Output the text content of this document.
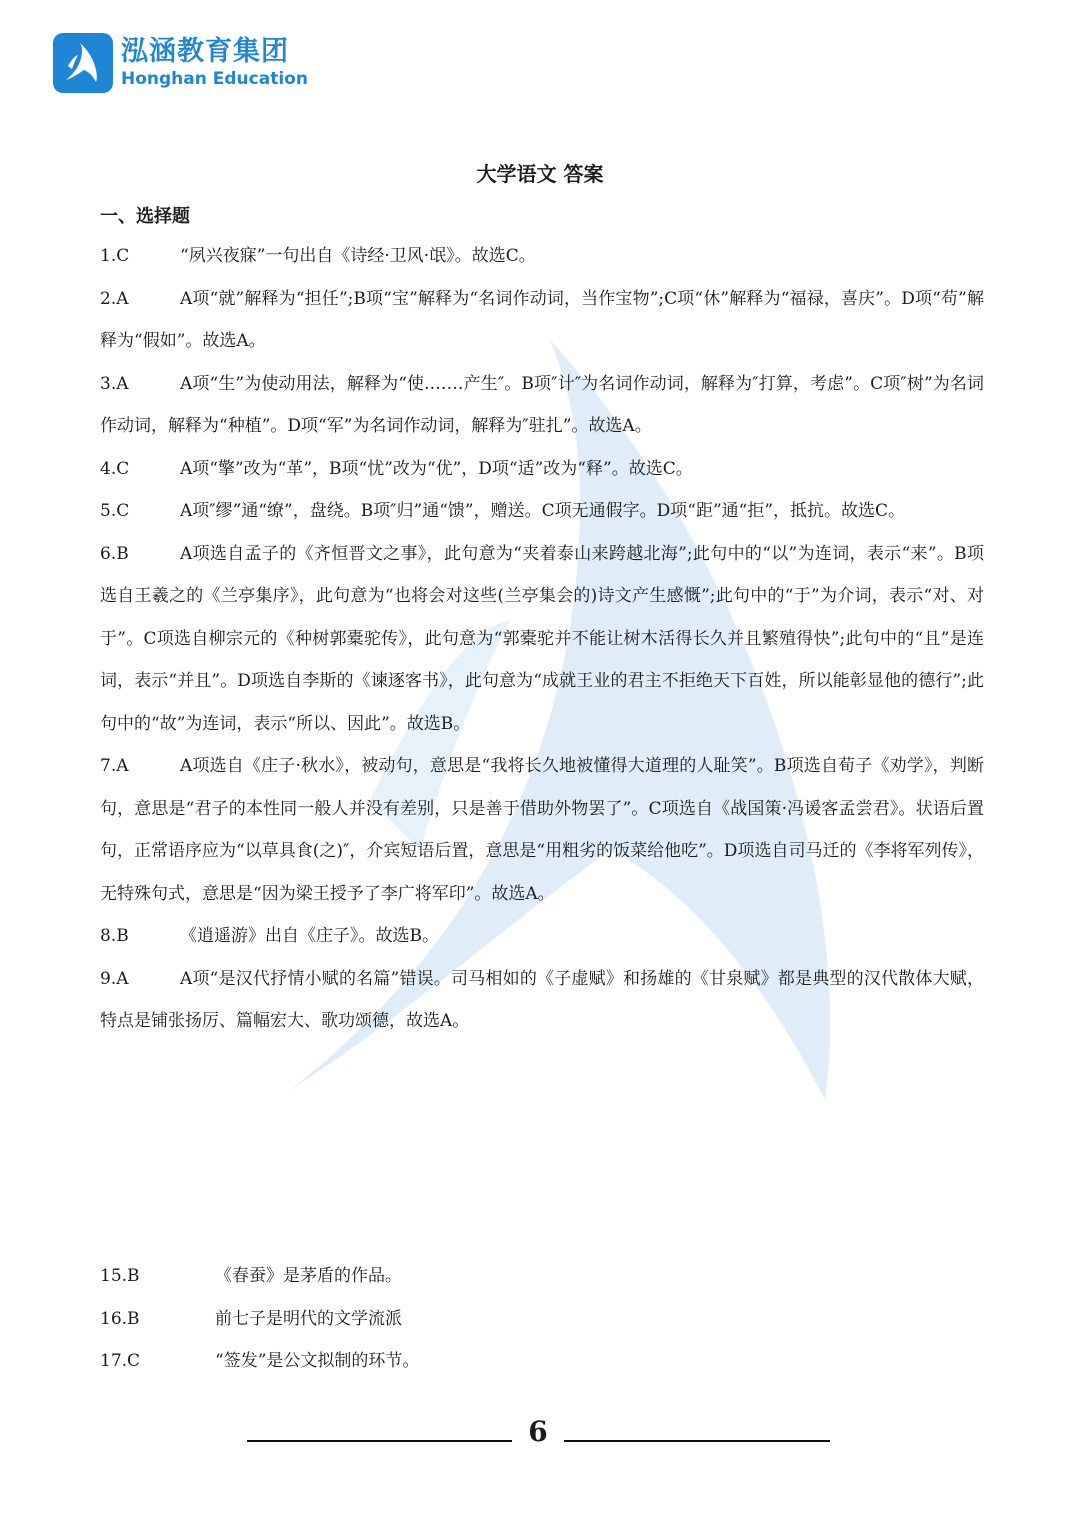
泓涵教育集团
Honghan Education
大学语文 答案
一、选择题

1.C	“夙兴夜寐”一句出自《诗经·卫风·氓》。故选C。

2.A	A项“就”解释为“担任”;B项“宝”解释为“名词作动词，当作宝物”;C项“休”解释为“福禄，喜庆”。D项“苟”解释为“假如”。故选A。

3.A	A项“生”为使动用法，解释为“使.……产生″。B项″计″为名词作动词，解释为″打算，考虑”。C项″树”为名词作动词，解释为“种植”。D项“军”为名词作动词，解释为″驻扎”。故选A。

4.C	A项“擎”改为“革”，B项“忧”改为“优”，D项“适”改为“释”。故选C。

5.C	A项″缪”通“缭”，盘绕。B项″归”通“馈”，赠送。C项无通假字。D项“距”通“拒”，抵抗。故选C。

6.B	A项选自孟子的《齐恒晋文之事》，此句意为“夹着泰山来跨越北海”;此句中的“以”为连词，表示“来”。B项选自王羲之的《兰亭集序》，此句意为“也将会对这些(兰亭集会的)诗文产生感慨”;此句中的“于”为介词，表示“对、对于”。C项选自柳宗元的《种树郭橐驼传》，此句意为“郭橐驼并不能让树木活得长久并且繁殖得快”;此句中的“且”是连词，表示“并且”。D项选自李斯的《谏逐客书》，此句意为“成就王业的君主不拒绝天下百姓，所以能彰显他的德行”;此句中的“故”为连词，表示“所以、因此”。故选B。

7.A	A项选自《庄子·秋水》，被动句，意思是“我将长久地被懂得大道理的人耻笑”。B项选自荀子《劝学》，判断句，意思是“君子的本性同一般人并没有差别，只是善于借助外物罢了”。C项选自《战国策·冯谖客孟尝君》。状语后置句，正常语序应为“以草具食(之)″，介宾短语后置，意思是“用粗劣的饭菜给他吃”。D项选自司马迁的《李将军列传》，无特殊句式，意思是“因为梁王授予了李广将军印”。故选A。

8.B	《逍遥游》出自《庄子》。故选B。

9.A	A项“是汉代抒情小赋的名篇”错误。司马相如的《子虚赋》和扬雄的《甘泉赋》都是典型的汉代散体大赋，特点是铺张扬厉、篇幅宏大、歌功颂德，故选A。

15.B	《春蚕》是茅盾的作品。

16.B	前七子是明代的文学流派

17.C	“签发”是公文拟制的环节。

6
